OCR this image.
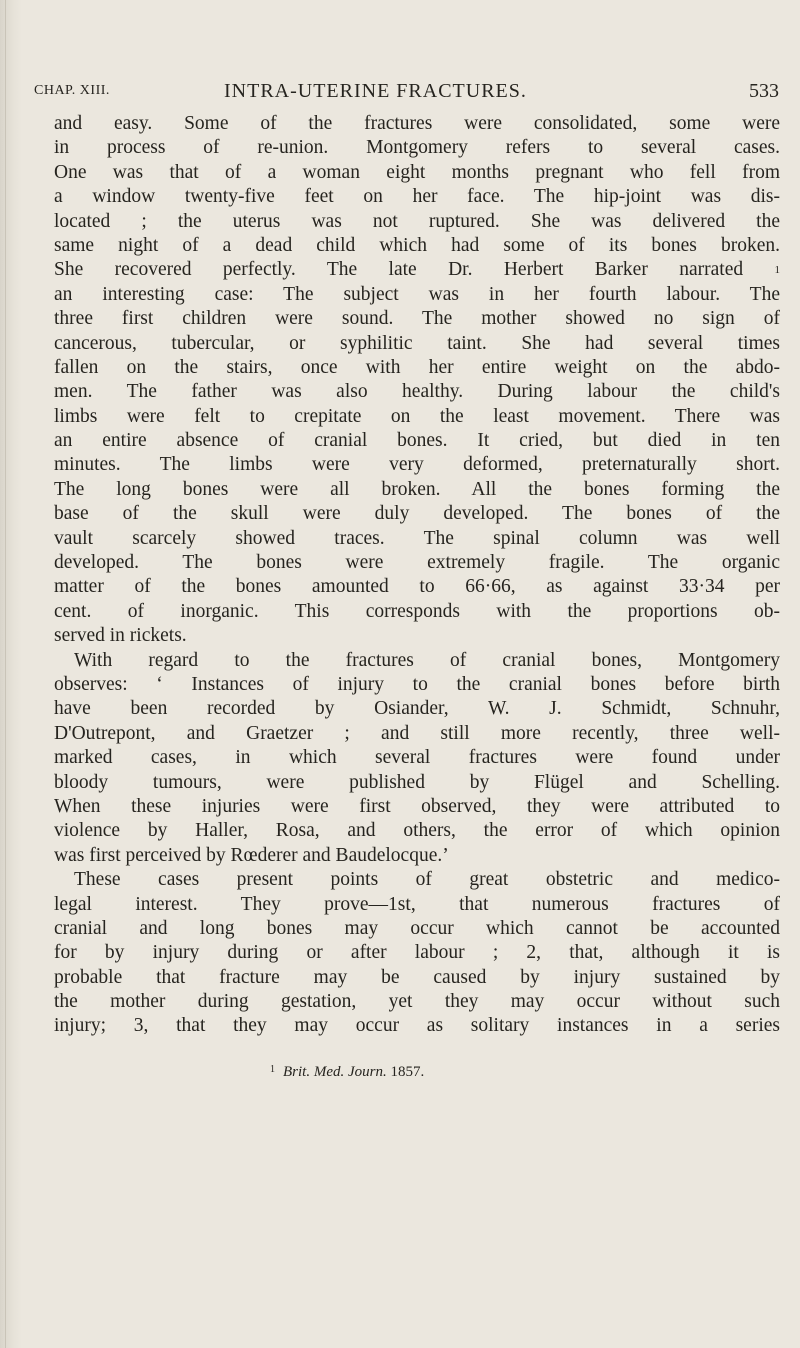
CHAP. XIII.	INTRA-UTERINE FRACTURES.	533
and easy. Some of the fractures were consolidated, some were
in process of re-union. Montgomery refers to several cases.
One was that of a woman eight months pregnant who fell from
a window twenty-five feet on her face. The hip-joint was dis-
located ; the uterus was not ruptured. She was delivered the
same night of a dead child which had some of its bones broken.
She recovered perfectly. The late Dr. Herbert Barker narrated	$^1$
an interesting case: The subject was in her fourth labour. The
three first children were sound. The mother showed no sign of
cancerous, tubercular, or syphilitic taint. She had several times
fallen on the stairs, once with her entire weight on the abdo-
men. The father was also healthy. During labour the child's
limbs were felt to crepitate on the least movement. There was
an entire absence of cranial bones. It cried, but died in ten
minutes. The limbs were very deformed, preternaturally short.
The long bones were all broken. All the bones forming the
base of the skull were duly developed. The bones of the
vault scarcely showed traces. The spinal column was well
developed. The bones were extremely fragile. The organic
matter of the bones amounted to 66·66, as against 33·34 per
cent. of inorganic. This corresponds with the proportions ob-
served in rickets.
With regard to the fractures of cranial bones, Montgomery
observes: ‘ Instances of injury to the cranial bones before birth
have been recorded by Osiander, W. J. Schmidt, Schnuhr,
D'Outrepont, and Graetzer ; and still more recently, three well-
marked cases, in which several fractures were found under
bloody tumours, were published by Flügel and Schelling.
When these injuries were first observed, they were attributed to
violence by Haller, Rosa, and others, the error of which opinion
was first perceived by Rœderer and Baudelocque.’
These cases present points of great obstetric and medico-
legal interest. They prove—1st, that numerous fractures of
cranial and long bones may occur which cannot be accounted
for by injury during or after labour ; 2, that, although it is
probable that fracture may be caused by injury sustained by
the mother during gestation, yet they may occur without such
injury; 3, that they may occur as solitary instances in a series
$^1$ Brit. Med. Journ. 1857.
